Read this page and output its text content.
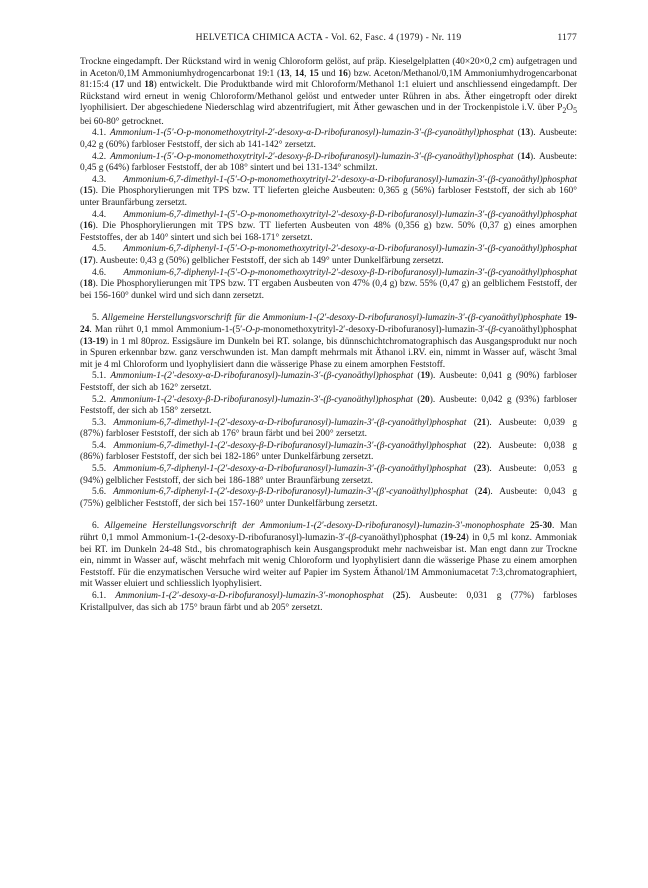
HELVETICA CHIMICA ACTA - Vol. 62, Fasc. 4 (1979) - Nr. 119	1177

Trockne eingedampft. Der Rückstand wird in wenig Chloroform gelöst, auf präp. Kieselgelplatten (40×20×0,2 cm) aufgetragen und in Aceton/0,1M Ammoniumhydrogencarbonat 19:1 (13, 14, 15 und 16) bzw. Aceton/Methanol/0,1M Ammoniumhydrogencarbonat 81:15:4 (17 und 18) entwickelt. Die Produktbande wird mit Chloroform/Methanol 1:1 eluiert und anschliessend eingedampft. Der Rückstand wird erneut in wenig Chloroform/Methanol gelöst und entweder unter Rühren in abs. Äther eingetropft oder direkt lyophilisiert. Der abgeschiedene Niederschlag wird abzentrifugiert, mit Äther gewaschen und in der Trockenpistole i.V. über $P_2O_5$ bei 60-80° getrocknet.

4.1. Ammonium-1-(5′-O-p-monomethoxytrityl-2′-desoxy-α-D-ribofuranosyl)-lumazin-3′-(β-cyanoäthyl)phosphat (13). Ausbeute: 0,42 g (60%) farbloser Feststoff, der sich ab 141-142° zersetzt.

4.2. Ammonium-1-(5′-O-p-monomethoxytrityl-2′-desoxy-β-D-ribofuranosyl)-lumazin-3′-(β-cyanoäthyl)phosphat (14). Ausbeute: 0,45 g (64%) farbloser Feststoff, der ab 108° sintert und bei 131-134° schmilzt.

4.3. Ammonium-6,7-dimethyl-1-(5′-O-p-monomethoxytrityl-2′-desoxy-α-D-ribofuranosyl)-lumazin-3′-(β-cyanoäthyl)phosphat (15). Die Phosphorylierungen mit TPS bzw. TT lieferten gleiche Ausbeuten: 0,365 g (56%) farbloser Feststoff, der sich ab 160° unter Braunfärbung zersetzt.

4.4. Ammonium-6,7-dimethyl-1-(5′-O-p-monomethoxytrityl-2′-desoxy-β-D-ribofuranosyl)-lumazin-3′-(β-cyanoäthyl)phosphat (16). Die Phosphorylierungen mit TPS bzw. TT lieferten Ausbeuten von 48% (0,356 g) bzw. 50% (0,37 g) eines amorphen Feststoffes, der ab 140° sintert und sich bei 168-171° zersetzt.

4.5. Ammonium-6,7-diphenyl-1-(5′-O-p-monomethoxytrityl-2′-desoxy-α-D-ribofuranosyl)-lumazin-3′-(β-cyanoäthyl)phosphat (17). Ausbeute: 0,43 g (50%) gelblicher Feststoff, der sich ab 149° unter Dunkelfärbung zersetzt.

4.6. Ammonium-6,7-diphenyl-1-(5′-O-p-monomethoxytrityl-2′-desoxy-β-D-ribofuranosyl)-lumazin-3′-(β-cyanoäthyl)phosphat (18). Die Phosphorylierungen mit TPS bzw. TT ergaben Ausbeuten von 47% (0,4 g) bzw. 55% (0,47 g) an gelblichem Feststoff, der bei 156-160° dunkel wird und sich dann zersetzt.

5. Allgemeine Herstellungsvorschrift für die Ammonium-1-(2′-desoxy-D-ribofuranosyl)-lumazin-3′-(β-cyanoäthyl)phosphate 19-24. Man rührt 0,1 mmol Ammonium-1-(5′-O-p-monomethoxytrityl-2′-desoxy-D-ribofuranosyl)-lumazin-3′-(β-cyanoäthyl)phosphat (13-19) in 1 ml 80proz. Essigsäure im Dunkeln bei RT. solange, bis dünnschichtchromatographisch das Ausgangsprodukt nur noch in Spuren erkennbar bzw. ganz verschwunden ist. Man dampft mehrmals mit Äthanol i.RV. ein, nimmt in Wasser auf, wäscht 3mal mit je 4 ml Chloroform und lyophylisiert dann die wässerige Phase zu einem amorphen Feststoff.

5.1. Ammonium-1-(2′-desoxy-α-D-ribofuranosyl)-lumazin-3′-(β-cyanoäthyl)phosphat (19). Ausbeute: 0,041 g (90%) farbloser Feststoff, der sich ab 162° zersetzt.

5.2. Ammonium-1-(2′-desoxy-β-D-ribofuranosyl)-lumazin-3′-(β-cyanoäthyl)phosphat (20). Ausbeute: 0,042 g (93%) farbloser Feststoff, der sich ab 158° zersetzt.

5.3. Ammonium-6,7-dimethyl-1-(2′-desoxy-α-D-ribofuranosyl)-lumazin-3′-(β-cyanoäthyl)phosphat (21). Ausbeute: 0,039 g (87%) farbloser Feststoff, der sich ab 176° braun färbt und bei 200° zersetzt.

5.4. Ammonium-6,7-dimethyl-1-(2′-desoxy-β-D-ribofuranosyl)-lumazin-3′-(β-cyanoäthyl)phosphat (22). Ausbeute: 0,038 g (86%) farbloser Feststoff, der sich bei 182-186° unter Dunkelfärbung zersetzt.

5.5. Ammonium-6,7-diphenyl-1-(2′-desoxy-α-D-ribofuranosyl)-lumazin-3′-(β-cyanoäthyl)phosphat (23). Ausbeute: 0,053 g (94%) gelblicher Feststoff, der sich bei 186-188° unter Braunfärbung zersetzt.

5.6. Ammonium-6,7-diphenyl-1-(2′-desoxy-β-D-ribofuranosyl)-lumazin-3′-(β′-cyanoäthyl)phosphat (24). Ausbeute: 0,043 g (75%) gelblicher Feststoff, der sich bei 157-160° unter Dunkelfärbung zersetzt.

6. Allgemeine Herstellungsvorschrift der Ammonium-1-(2′-desoxy-D-ribofuranosyl)-lumazin-3′-monophosphate 25-30. Man rührt 0,1 mmol Ammonium-1-(2-desoxy-D-ribofuranosyl)-lumazin-3′-(β-cyanoäthyl)phosphat (19-24) in 0,5 ml konz. Ammoniak bei RT. im Dunkeln 24-48 Std., bis chromatographisch kein Ausgangsprodukt mehr nachweisbar ist. Man engt dann zur Trockne ein, nimmt in Wasser auf, wäscht mehrfach mit wenig Chloroform und lyophylisiert dann die wässerige Phase zu einem amorphen Feststoff. Für die enzymatischen Versuche wird weiter auf Papier im System Äthanol/1M Ammoniumacetat 7:3,chromatographiert, mit Wasser eluiert und schliesslich lyophylisiert.

6.1. Ammonium-1-(2′-desoxy-α-D-ribofuranosyl)-lumazin-3′-monophosphat (25). Ausbeute: 0,031 g (77%) farbloses Kristallpulver, das sich ab 175° braun färbt und ab 205° zersetzt.
